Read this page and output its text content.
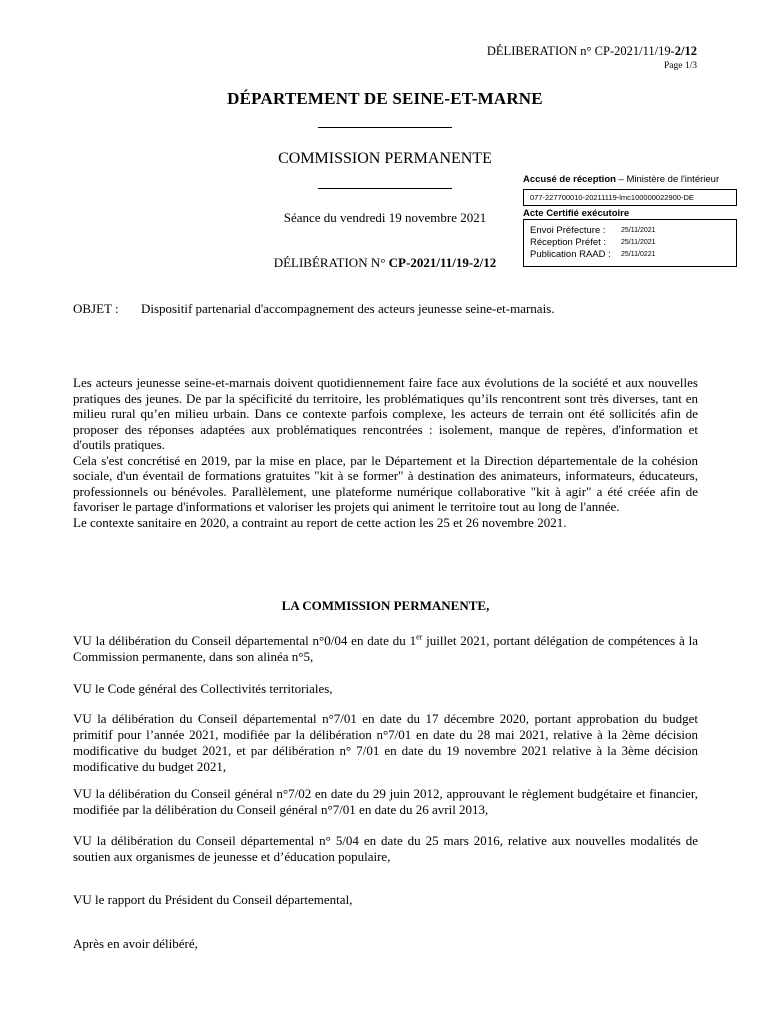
DÉLIBERATION n° CP-2021/11/19-2/12
Page 1/3
DÉPARTEMENT DE SEINE-ET-MARNE
COMMISSION PERMANENTE
Séance du vendredi 19 novembre 2021
DÉLIBÉRATION N° CP-2021/11/19-2/12
Accusé de réception – Ministère de l'intérieur
077-227700010-20211119-lmc100000022900-DE
Acte Certifié exécutoire
Envoi Préfecture : 25/11/2021
Réception Préfet : 25/11/2021
Publication RAAD : 25/11/0221
OBJET : Dispositif partenarial d'accompagnement des acteurs jeunesse seine-et-marnais.

Les acteurs jeunesse seine-et-marnais doivent quotidiennement faire face aux évolutions de la société et aux nouvelles pratiques des jeunes. De par la spécificité du territoire, les problématiques qu’ils rencontrent sont très diverses, tant en milieu rural qu’en milieu urbain. Dans ce contexte parfois complexe, les acteurs de terrain ont été sollicités afin de proposer des réponses adaptées aux problématiques rencontrées : isolement, manque de repères, d'information et d'outils pratiques.

Cela s'est concrétisé en 2019, par la mise en place, par le Département et la Direction départementale de la cohésion sociale, d'un éventail de formations gratuites "kit à se former" à destination des animateurs, informateurs, éducateurs, professionnels ou bénévoles. Parallèlement, une plateforme numérique collaborative "kit à agir" a été créée afin de favoriser le partage d'informations et valoriser les projets qui animent le territoire tout au long de l'année.

Le contexte sanitaire en 2020, a contraint au report de cette action les 25 et 26 novembre 2021.

LA COMMISSION PERMANENTE,
VU la délibération du Conseil départemental n°0/04 en date du 1er juillet 2021, portant délégation de compétences à la Commission permanente, dans son alinéa n°5,
VU le Code général des Collectivités territoriales,
VU la délibération du Conseil départemental n°7/01 en date du 17 décembre 2020, portant approbation du budget primitif pour l’année 2021, modifiée par la délibération n°7/01 en date du 28 mai 2021, relative à la 2ème décision modificative du budget 2021, et par délibération n° 7/01 en date du 19 novembre 2021 relative à la 3ème décision modificative du budget 2021,
VU la délibération du Conseil général n°7/02 en date du 29 juin 2012, approuvant le règlement budgétaire et financier, modifiée par la délibération du Conseil général n°7/01 en date du 26 avril 2013,
VU la délibération du Conseil départemental n° 5/04 en date du 25 mars 2016, relative aux nouvelles modalités de soutien aux organismes de jeunesse et d’éducation populaire,
VU le rapport du Président du Conseil départemental,
Après en avoir délibéré,
